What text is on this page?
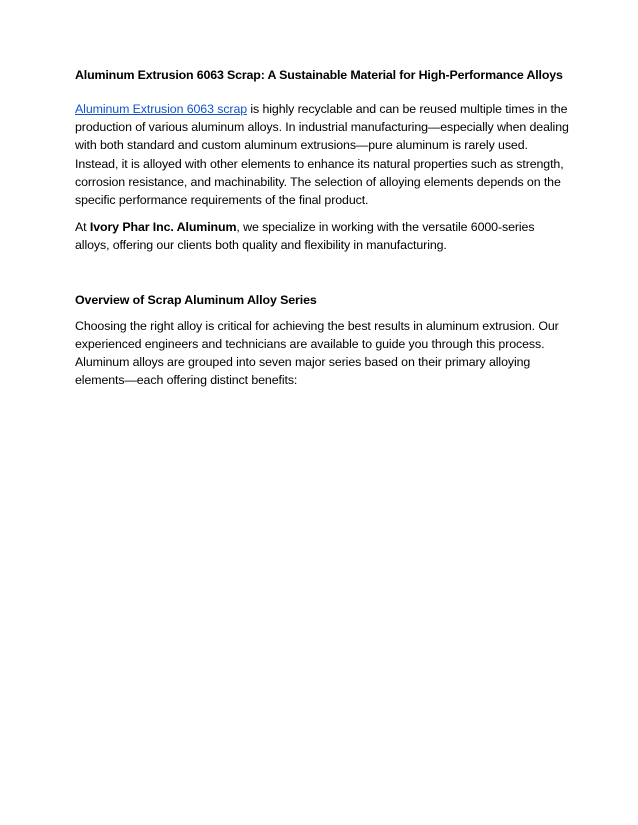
Aluminum Extrusion 6063 Scrap: A Sustainable Material for High-Performance Alloys

Aluminum Extrusion 6063 scrap is highly recyclable and can be reused multiple times in the production of various aluminum alloys. In industrial manufacturing—especially when dealing with both standard and custom aluminum extrusions—pure aluminum is rarely used. Instead, it is alloyed with other elements to enhance its natural properties such as strength, corrosion resistance, and machinability. The selection of alloying elements depends on the specific performance requirements of the final product.

At Ivory Phar Inc. Aluminum, we specialize in working with the versatile 6000-series alloys, offering our clients both quality and flexibility in manufacturing.

Overview of Scrap Aluminum Alloy Series

Choosing the right alloy is critical for achieving the best results in aluminum extrusion. Our experienced engineers and technicians are available to guide you through this process. Aluminum alloys are grouped into seven major series based on their primary alloying elements—each offering distinct benefits:
